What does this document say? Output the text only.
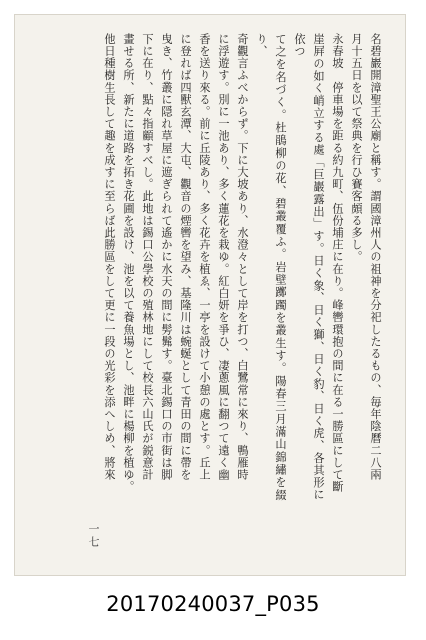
名碧巖開漳聖王公廟と稱す。謂國漳州人の祖神を分祀したるもの、毎年陰曆二八兩
月十五日を以て祭典を行ひ賽客頗る多し。
永春坡　停車場を距る約九町、伍份埔庄に在り。峰轡環抱の間に在る一勝區にして斷
崖屛の如く峭立する處「巨巖露出」す。日く象、日く獅、日く豹、日く虎、各其形に依つ
て之を名づく。杜鵑柳の花、碧叢覆ふ。岩壁躑躅を叢生す。陽春三月滿山錦繡を綴り、
奇觀言ふべからず。下に大坡あり、水澄々として岸を打つ、白鷺常に來り、鴨雁時
に浮遊す。別に一池あり、多く蓮花を栽ゆ。紅白妍を爭ひ、凄蔥風に翻つて遠く幽
香を送り來る。前に丘陵あり、多く花卉を植ゑ、一亭を設けて小憩の處とす。丘上
に登れば四獸玄潭、大屯、觀音の煙轡を望み、基隆川は蜿蜒として青田の間に帶を
曳き、竹叢に隠れ草屋に遮ぎられて遙かに水天の間に髣髴す。臺北錫口の市街は脚
下に在り、點々指顧すべし。此地は錫口公學校の殖林地にして校長六山氏が鋭意計
畫せる所、新たに道路を拓き花圃を設け、池を以て養魚場とし、池畔に楊柳を植ゆ。
他日種樹生長して趣を成すに至らば此勝區をして更に一段の光彩を添へしめ、將來
一七
20170240037_P035
